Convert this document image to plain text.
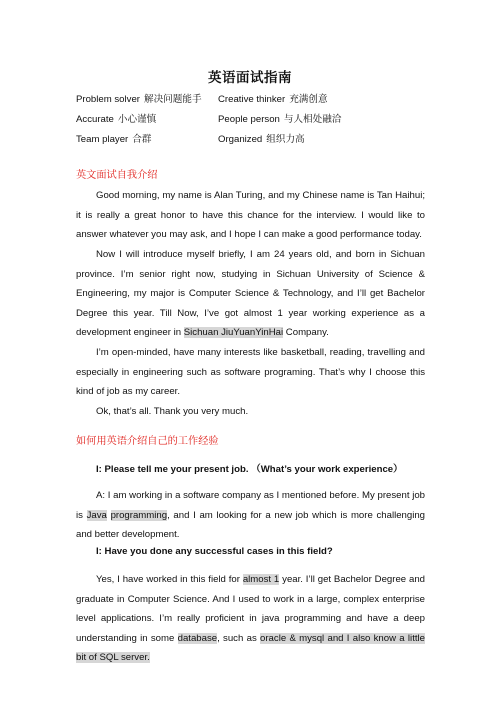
英语面试指南
Problem solver 解决问题能手	Creative thinker 充满创意
Accurate 小心谨慎	People person 与人相处融洽
Team player 合群	Organized 组织力高
英文面试自我介绍
Good morning, my name is Alan Turing, and my Chinese name is Tan Haihui; it is really a great honor to have this chance for the interview. I would like to answer whatever you may ask, and I hope I can make a good performance today.
Now I will introduce myself briefly, I am 24 years old, and born in Sichuan province. I’m senior right now, studying in Sichuan University of Science & Engineering, my major is Computer Science & Technology, and I’ll get Bachelor Degree this year. Till Now, I’ve got almost 1 year working experience as a development engineer in Sichuan JiuYuanYinHai Company.
I’m open-minded, have many interests like basketball, reading, travelling and especially in engineering such as software programing. That’s why I choose this kind of job as my career.
Ok, that’s all. Thank you very much.
如何用英语介绍自己的工作经验
I: Please tell me your present job. （What’s your work experience）
A: I am working in a software company as I mentioned before. My present job is Java programming, and I am looking for a new job which is more challenging and better development.
I: Have you done any successful cases in this field?
Yes, I have worked in this field for almost 1 year. I’ll get Bachelor Degree and graduate in Computer Science. And I used to work in a large, complex enterprise level applications. I’m really proficient in java programming and have a deep understanding in some database, such as oracle & mysql and I also know a little bit of SQL server.
